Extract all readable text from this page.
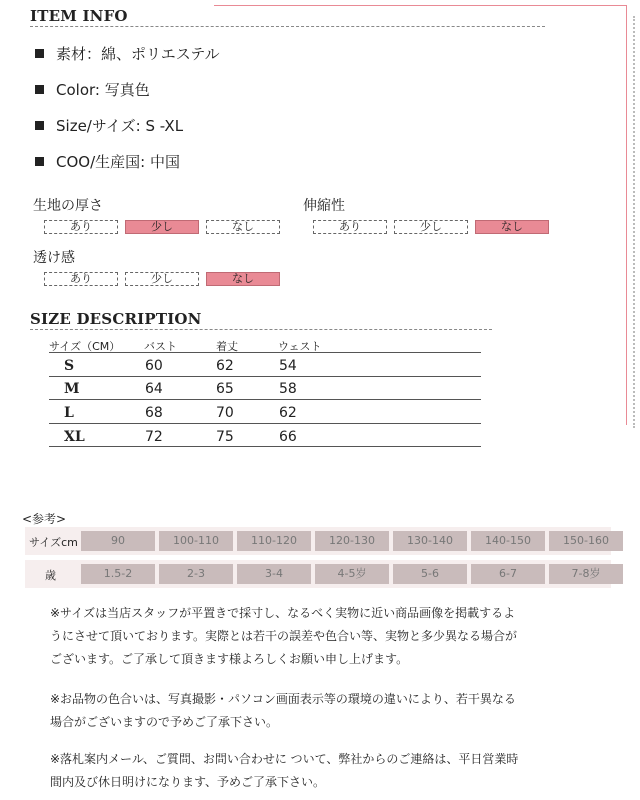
ITEM INFO
素材：綿、ポリエステル
Color: 写真色
Size/サイズ: S -XL
COO/生産国: 中国
生地の厚さ
あり	少し	なし
伸縮性
あり	少し	なし
透け感
あり	少し	なし
SIZE DESCRIPTION
サイズ（CM） バスト	着丈	ウェスト
S	60	62	54
M	64	65	58
L	68	70	62
XL	72	75	66
<参考>
サイズcm	90	100-110	110-120	120-130	130-140	140-150	150-160
歳	1.5-2	2-3	3-4	4-5岁	5-6	6-7	7-8岁
※サイズは当店スタッフが平置きで採寸し、なるべく実物に近い商品画像を掲載するよ
うにさせて頂いております。実際とは若干の誤差や色合い等、実物と多少異なる場合が
ございます。ご了承して頂きます様よろしくお願い申し上げます。
※お品物の色合いは、写真撮影・パソコン画面表示等の環境の違いにより、若干異なる
場合がございますので予めご了承下さい。
※落札案内メール、ご質問、お問い合わせに ついて、弊社からのご連絡は、平日営業時
間内及び休日明けになります、予めご了承下さい。
